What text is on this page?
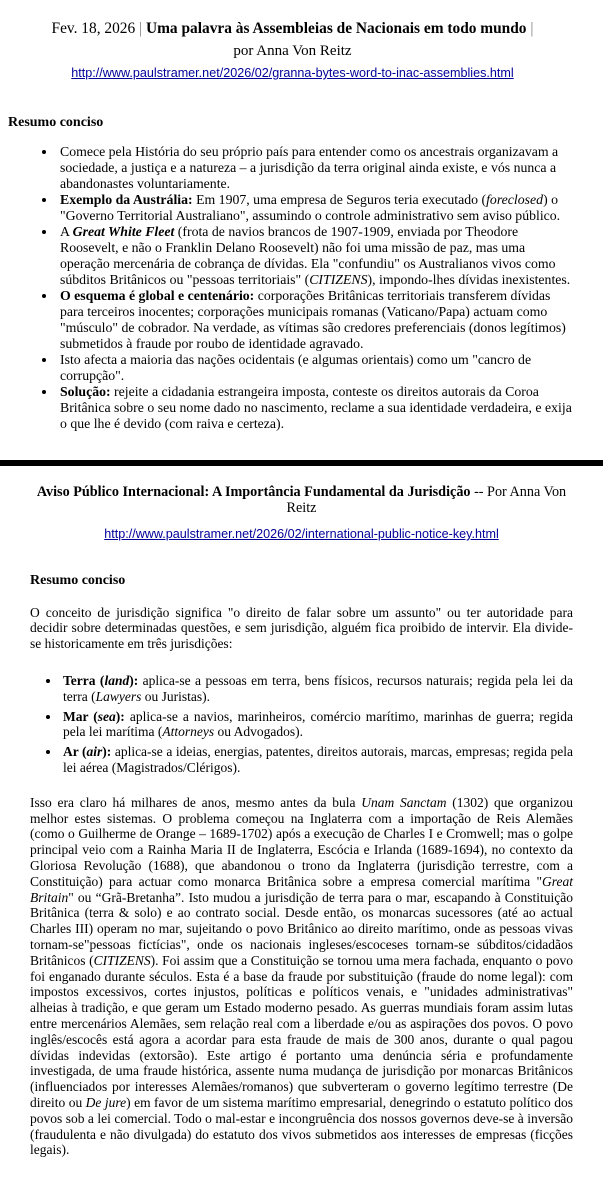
Fev. 18, 2026 | Uma palavra às Assembleias de Nacionais em todo mundo |

por Anna Von Reitz

http://www.paulstramer.net/2026/02/granna-bytes-word-to-inac-assemblies.html

Resumo conciso

• Comece pela História do seu próprio país para entender como os ancestrais organizavam a sociedade, a justiça e a natureza – a jurisdição da terra original ainda existe, e vós nunca a abandonastes voluntariamente.
• Exemplo da Austrália: Em 1907, uma empresa de Seguros teria executado (foreclosed) o "Governo Territorial Australiano", assumindo o controle administrativo sem aviso público.
• A Great White Fleet (frota de navios brancos de 1907-1909, enviada por Theodore Roosevelt, e não o Franklin Delano Roosevelt) não foi uma missão de paz, mas uma operação mercenária de cobrança de dívidas. Ela "confundiu" os Australianos vivos como súbditos Britânicos ou "pessoas territoriais" (CITIZENS), impondo-lhes dívidas inexistentes.
• O esquema é global e centenário: corporações Britânicas territoriais transferem dívidas para terceiros inocentes; corporações municipais romanas (Vaticano/Papa) actuam como "músculo" de cobrador. Na verdade, as vítimas são credores preferenciais (donos legítimos) submetidos à fraude por roubo de identidade agravado.
• Isto afecta a maioria das nações ocidentais (e algumas orientais) como um "cancro de corrupção".
• Solução: rejeite a cidadania estrangeira imposta, conteste os direitos autorais da Coroa Britânica sobre o seu nome dado no nascimento, reclame a sua identidade verdadeira, e exija o que lhe é devido (com raiva e certeza).

Aviso Público Internacional: A Importância Fundamental da Jurisdição -- Por Anna Von Reitz

http://www.paulstramer.net/2026/02/international-public-notice-key.html

Resumo conciso

O conceito de jurisdição significa "o direito de falar sobre um assunto" ou ter autoridade para decidir sobre determinadas questões, e sem jurisdição, alguém fica proibido de intervir. Ela divide-se historicamente em três jurisdições:

• Terra (land): aplica-se a pessoas em terra, bens físicos, recursos naturais; regida pela lei da terra (Lawyers ou Juristas).
• Mar (sea): aplica-se a navios, marinheiros, comércio marítimo, marinhas de guerra; regida pela lei marítima (Attorneys ou Advogados).
• Ar (air): aplica-se a ideias, energias, patentes, direitos autorais, marcas, empresas; regida pela lei aérea (Magistrados/Clérigos).

Isso era claro há milhares de anos, mesmo antes da bula Unam Sanctam (1302) que organizou melhor estes sistemas. O problema começou na Inglaterra com a importação de Reis Alemães (como o Guilherme de Orange – 1689-1702) após a execução de Charles I e Cromwell; mas o golpe principal veio com a Rainha Maria II de Inglaterra, Escócia e Irlanda (1689-1694), no contexto da Gloriosa Revolução (1688), que abandonou o trono da Inglaterra (jurisdição terrestre, com a Constituição) para actuar como monarca Britânica sobre a empresa comercial marítima "Great Britain" ou “Grã-Bretanha”. Isto mudou a jurisdição de terra para o mar, escapando à Constituição Britânica (terra & solo) e ao contrato social. Desde então, os monarcas sucessores (até ao actual Charles III) operam no mar, sujeitando o povo Britânico ao direito marítimo, onde as pessoas vivas tornam-se"pessoas fictícias", onde os nacionais ingleses/escoceses tornam-se súbditos/cidadãos Britânicos (CITIZENS). Foi assim que a Constituição se tornou uma mera fachada, enquanto o povo foi enganado durante séculos. Esta é a base da fraude por substituição (fraude do nome legal): com impostos excessivos, cortes injustos, políticas e políticos venais, e "unidades administrativas" alheias à tradição, e que geram um Estado moderno pesado. As guerras mundiais foram assim lutas entre mercenários Alemães, sem relação real com a liberdade e/ou as aspirações dos povos. O povo inglês/escocês está agora a acordar para esta fraude de mais de 300 anos, durante o qual pagou dívidas indevidas (extorsão). Este artigo é portanto uma denúncia séria e profundamente investigada, de uma fraude histórica, assente numa mudança de jurisdição por monarcas Britânicos (influenciados por interesses Alemães/romanos) que subverteram o governo legítimo terrestre (De direito ou De jure) em favor de um sistema marítimo empresarial, denegrindo o estatuto político dos povos sob a lei comercial. Todo o mal-estar e incongruência dos nossos governos deve-se à inversão (fraudulenta e não divulgada) do estatuto dos vivos submetidos aos interesses de empresas (ficções legais).
